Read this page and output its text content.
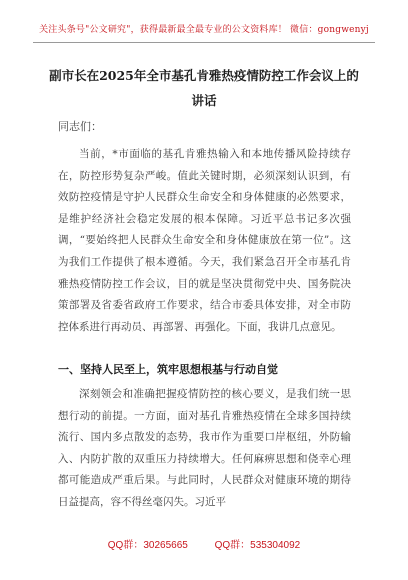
关注头条号"公文研究"，获得最新最全最专业的公文资料库！ 微信：gongwenyj
副市长在2025年全市基孔肯雅热疫情防控工作会议上的讲话
同志们：
当前，*市面临的基孔肯雅热输入和本地传播风险持续存在，防控形势复杂严峻。值此关键时期，必须深刻认识到，有效防控疫情是守护人民群众生命安全和身体健康的必然要求，是维护经济社会稳定发展的根本保障。习近平总书记多次强调，“要始终把人民群众生命安全和身体健康放在第一位”。这为我们工作提供了根本遵循。今天，我们紧急召开全市基孔肯雅热疫情防控工作会议，目的就是坚决贯彻党中央、国务院决策部署及省委省政府工作要求，结合市委具体安排，对全市防控体系进行再动员、再部署、再强化。下面，我讲几点意见。
一、坚持人民至上，筑牢思想根基与行动自觉
深刻领会和准确把握疫情防控的核心要义，是我们统一思想行动的前提。一方面，面对基孔肯雅热疫情在全球多国持续流行、国内多点散发的态势，我市作为重要口岸枢纽，外防输入、内防扩散的双重压力持续增大。任何麻痹思想和侥幸心理都可能造成严重后果。与此同时，人民群众对健康环境的期待日益提高，容不得丝毫闪失。习近平
QQ群：30265665	QQ群：535304092
